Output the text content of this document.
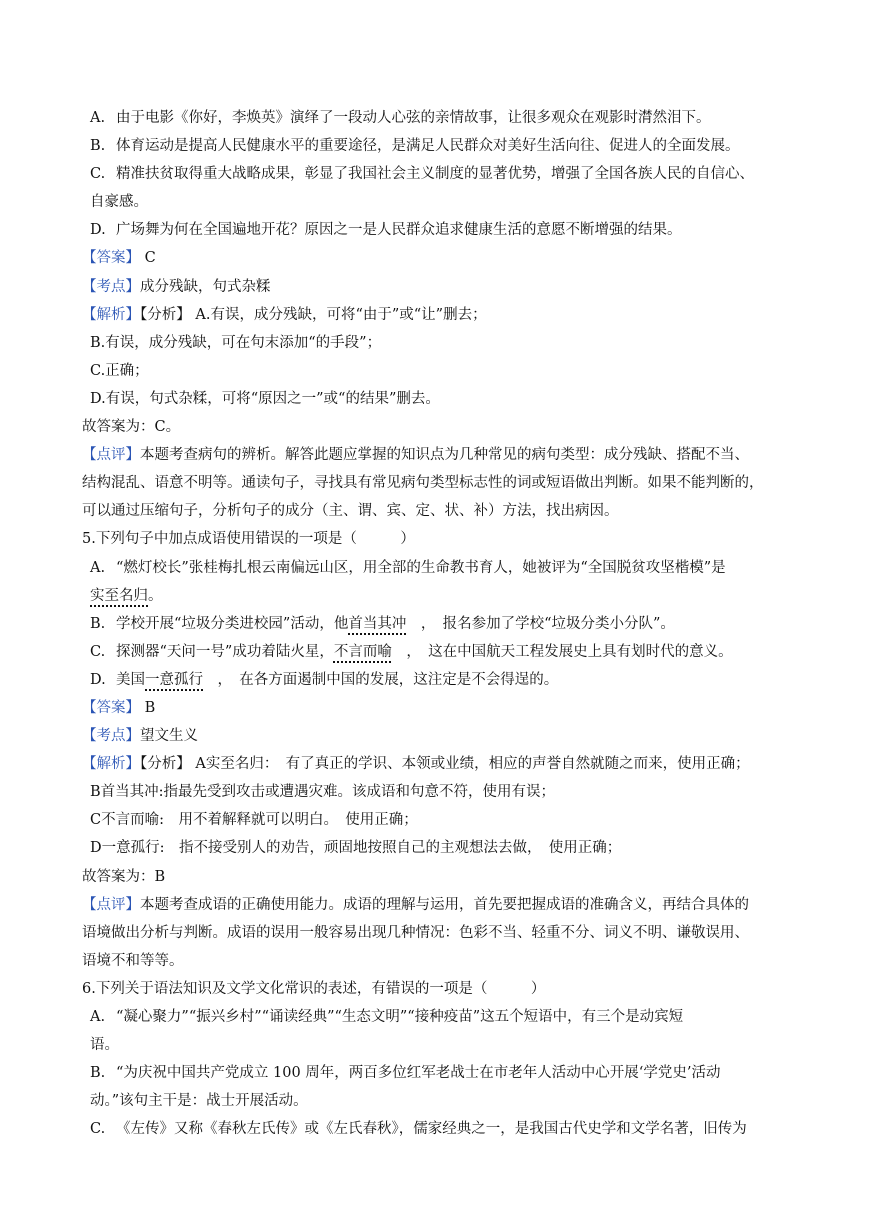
A. 由于电影《你好，李焕英》演绎了一段动人心弦的亲情故事，让很多观众在观影时潸然泪下。
B. 体育运动是提高人民健康水平的重要途径，是满足人民群众对美好生活向往、促进人的全面发展。
C. 精准扶贫取得重大战略成果，彰显了我国社会主义制度的显著优势，增强了全国各族人民的自信心、
自豪感。
D. 广场舞为何在全国遍地开花？原因之一是人民群众追求健康生活的意愿不断增强的结果。
【答案】 C
【考点】成分残缺，句式杂糅
【解析】【分析】 A.有误，成分残缺，可将“由于”或“让”删去；
B.有误，成分残缺，可在句末添加“的手段”；
C.正确；
D.有误，句式杂糅，可将“原因之一”或“的结果”删去。
故答案为：C。
【点评】本题考查病句的辨析。解答此题应掌握的知识点为几种常见的病句类型：成分残缺、搭配不当、
结构混乱、语意不明等。通读句子，寻找具有常见病句类型标志性的词或短语做出判断。如果不能判断的，
可以通过压缩句子，分析句子的成分（主、谓、宾、定、状、补）方法，找出病因。
5.下列句子中加点成语使用错误的一项是（　　　）
A. “燃灯校长”张桂梅扎根云南偏远山区，用全部的生命教书育人，她被评为“全国脱贫攻坚楷模”是
实至名归。
B. 学校开展“垃圾分类进校园”活动，他首当其冲　，　报名参加了学校“垃圾分类小分队”。
C. 探测器“天问一号”成功着陆火星，不言而喻　，　这在中国航天工程发展史上具有划时代的意义。
D. 美国一意孤行　，　在各方面遏制中国的发展，这注定是不会得逞的。
【答案】 B
【考点】望文生义
【解析】【分析】 A实至名归：　有了真正的学识、本领或业绩，相应的声誉自然就随之而来，使用正确；
B首当其冲:指最先受到攻击或遭遇灾难。该成语和句意不符，使用有误；
C不言而喻:　用不着解释就可以明白。　使用正确；
D一意孤行:　指不接受别人的劝告，顽固地按照自己的主观想法去做，　使用正确；
故答案为：B
【点评】本题考查成语的正确使用能力。成语的理解与运用，首先要把握成语的准确含义，再结合具体的
语境做出分析与判断。成语的误用一般容易出现几种情况：色彩不当、轻重不分、词义不明、谦敬误用、
语境不和等等。
6.下列关于语法知识及文学文化常识的表述，有错误的一项是（　　　）
A. “凝心聚力”“振兴乡村”“诵读经典”“生态文明”“接种疫苗”这五个短语中，有三个是动宾短
语。
B. “为庆祝中国共产党成立 100 周年，两百多位红军老战士在市老年人活动中心开展‘学党史’活动
动。”该句主干是：战士开展活动。
C. 《左传》又称《春秋左氏传》或《左氏春秋》，儒家经典之一，是我国古代史学和文学名著，旧传为
